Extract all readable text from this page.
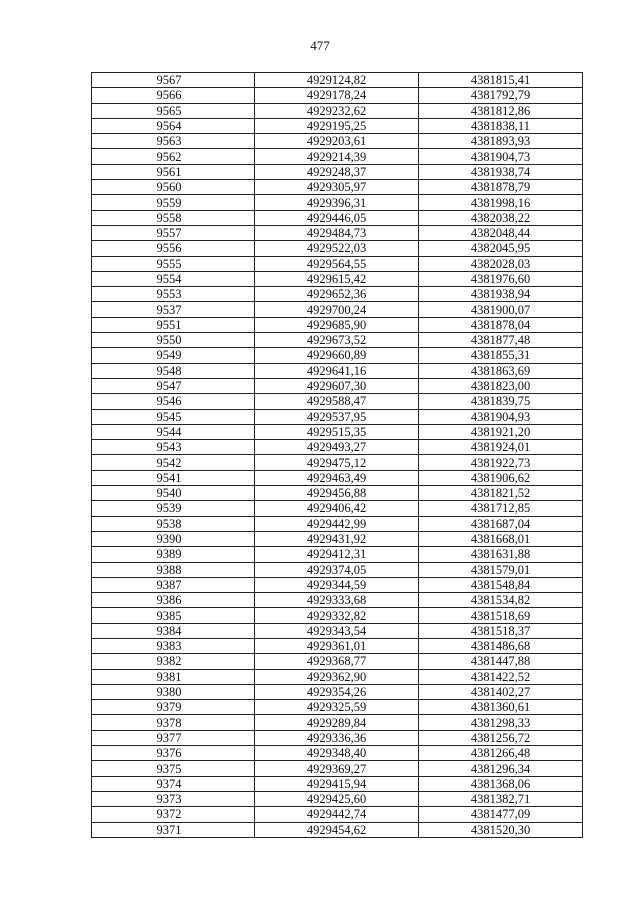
477
9567	4929124,82	4381815,41
9566	4929178,24	4381792,79
9565	4929232,62	4381812,86
9564	4929195,25	4381838,11
9563	4929203,61	4381893,93
9562	4929214,39	4381904,73
9561	4929248,37	4381938,74
9560	4929305,97	4381878,79
9559	4929396,31	4381998,16
9558	4929446,05	4382038,22
9557	4929484,73	4382048,44
9556	4929522,03	4382045,95
9555	4929564,55	4382028,03
9554	4929615,42	4381976,60
9553	4929652,36	4381938,94
9537	4929700,24	4381900,07
9551	4929685,90	4381878,04
9550	4929673,52	4381877,48
9549	4929660,89	4381855,31
9548	4929641,16	4381863,69
9547	4929607,30	4381823,00
9546	4929588,47	4381839,75
9545	4929537,95	4381904,93
9544	4929515,35	4381921,20
9543	4929493,27	4381924,01
9542	4929475,12	4381922,73
9541	4929463,49	4381906,62
9540	4929456,88	4381821,52
9539	4929406,42	4381712,85
9538	4929442,99	4381687,04
9390	4929431,92	4381668,01
9389	4929412,31	4381631,88
9388	4929374,05	4381579,01
9387	4929344,59	4381548,84
9386	4929333,68	4381534,82
9385	4929332,82	4381518,69
9384	4929343,54	4381518,37
9383	4929361,01	4381486,68
9382	4929368,77	4381447,88
9381	4929362,90	4381422,52
9380	4929354,26	4381402,27
9379	4929325,59	4381360,61
9378	4929289,84	4381298,33
9377	4929336,36	4381256,72
9376	4929348,40	4381266,48
9375	4929369,27	4381296,34
9374	4929415,94	4381368,06
9373	4929425,60	4381382,71
9372	4929442,74	4381477,09
9371	4929454,62	4381520,30
